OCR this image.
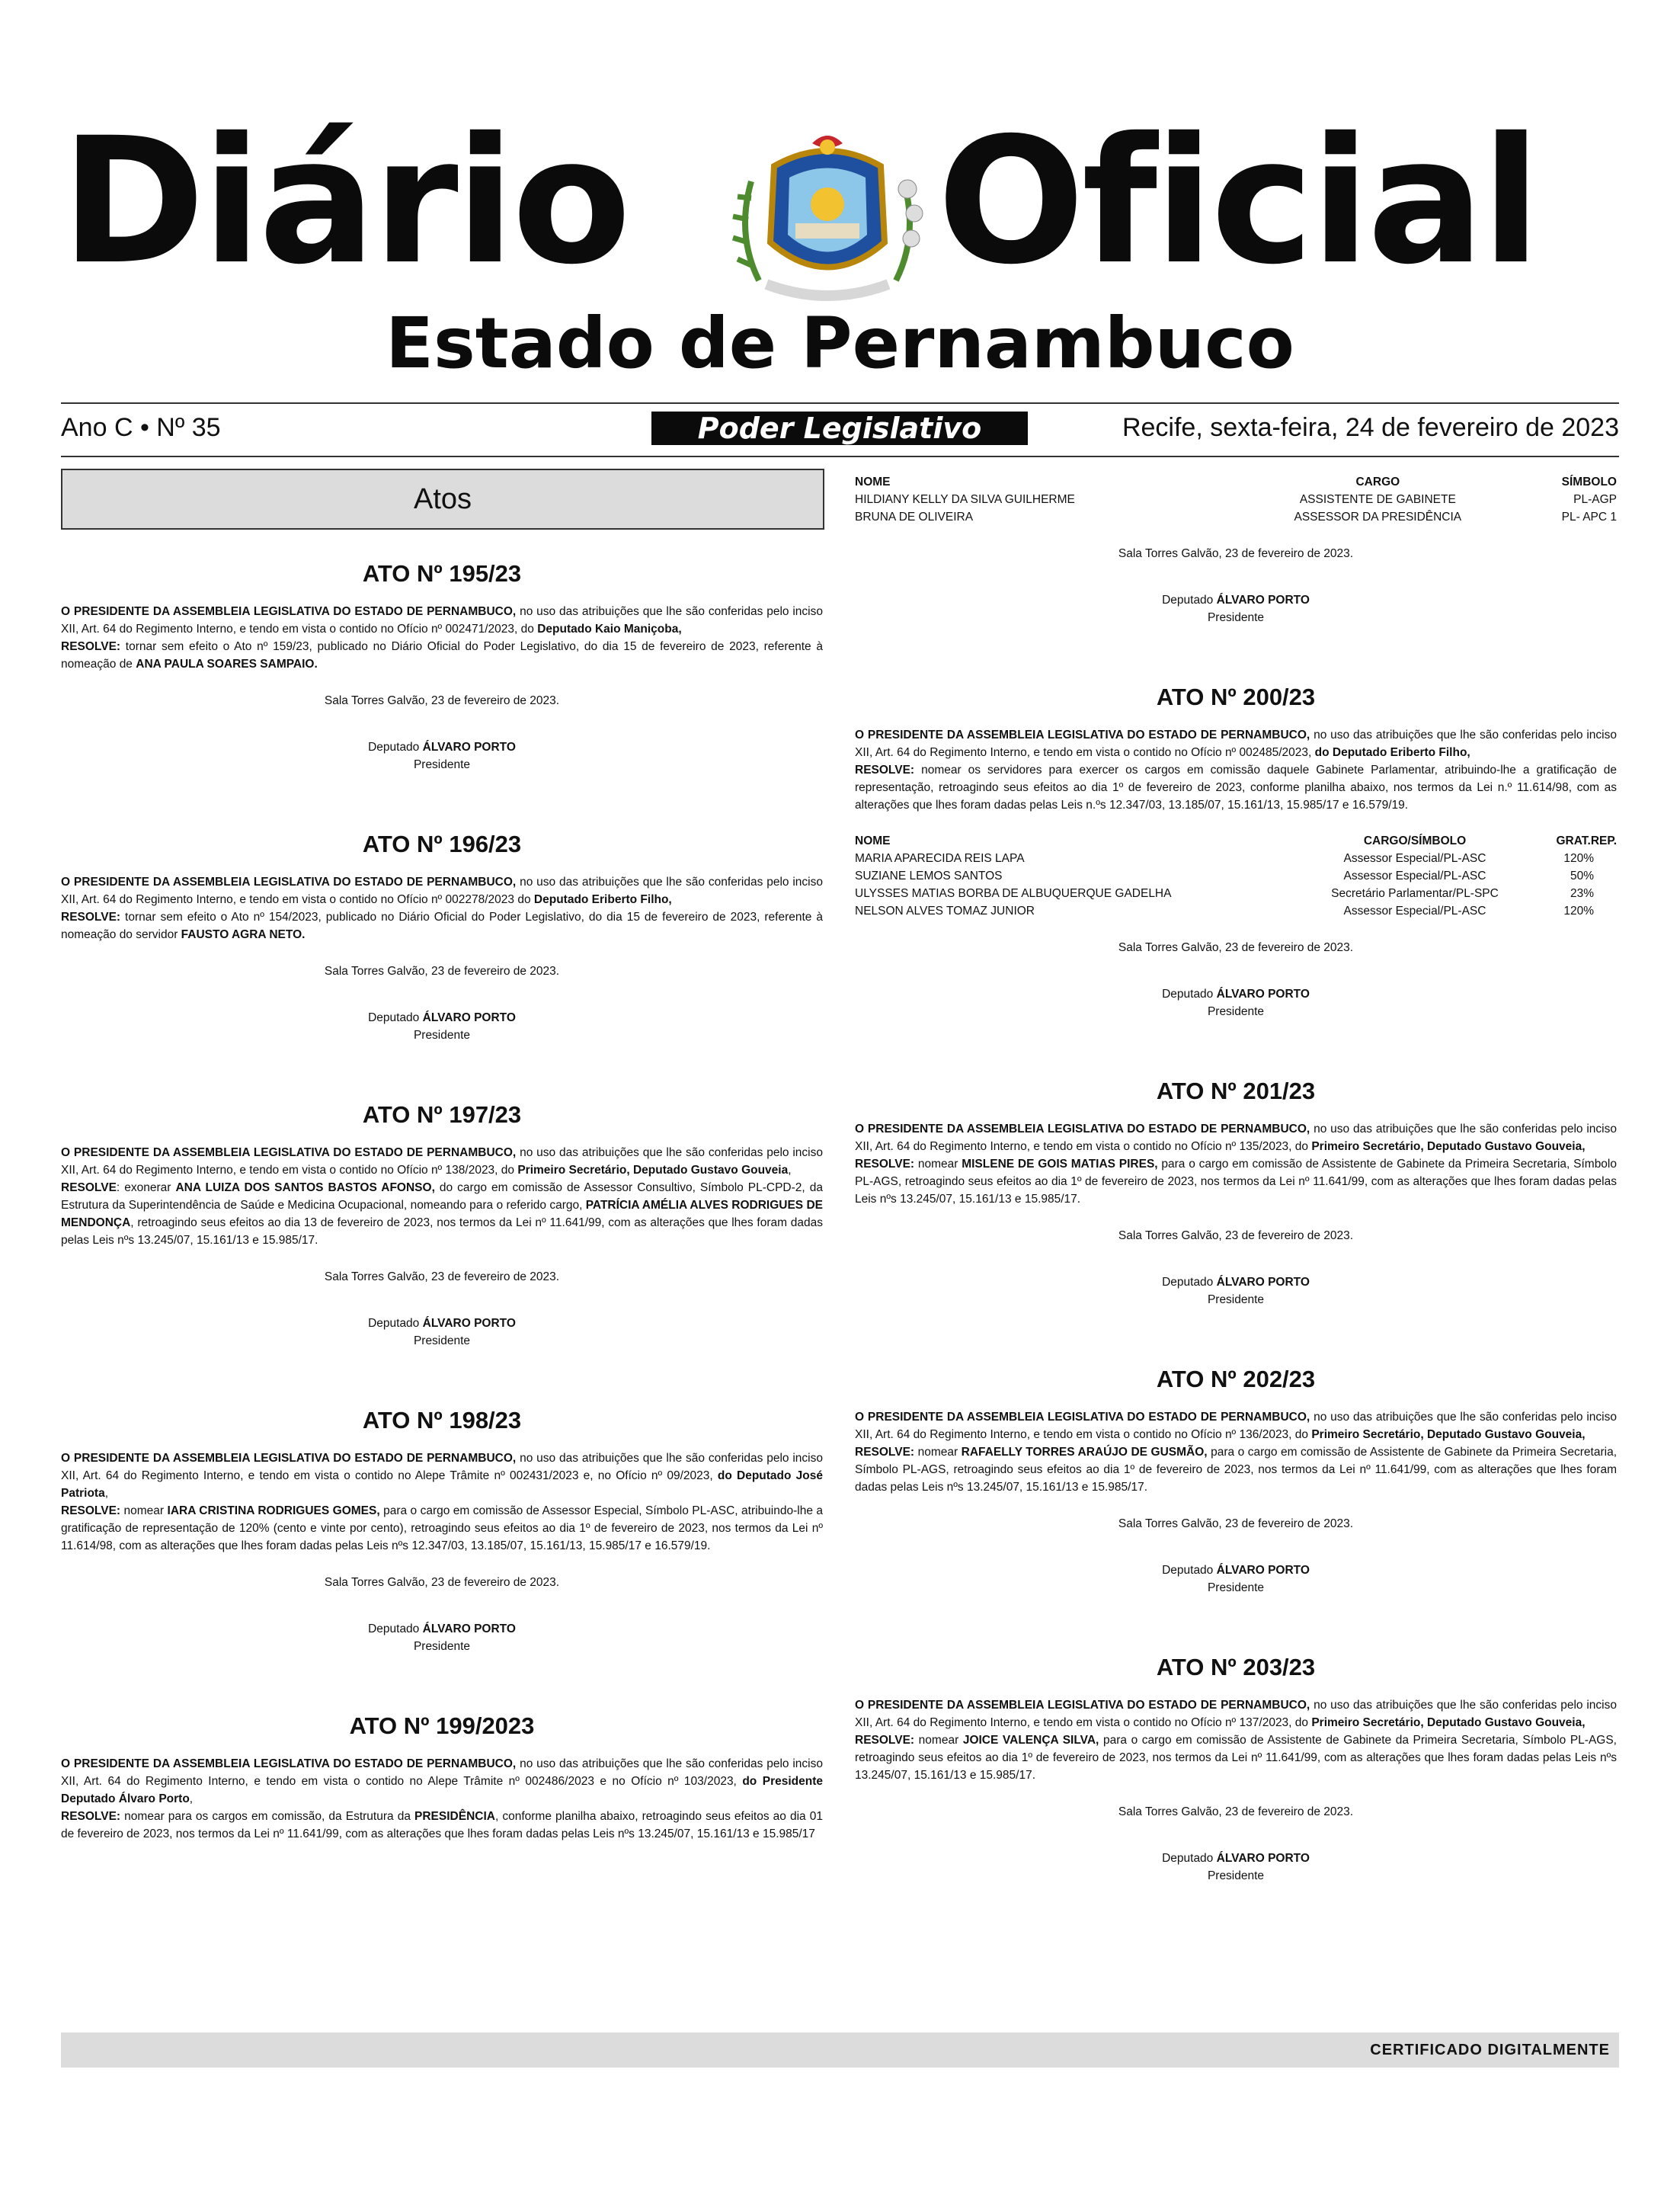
Diário Oficial
Estado de Pernambuco
Ano C • Nº 35	Poder Legislativo	Recife, sexta-feira, 24 de fevereiro de 2023
Atos
ATO Nº 195/23

O PRESIDENTE DA ASSEMBLEIA LEGISLATIVA DO ESTADO DE PERNAMBUCO, no uso das atribuições que lhe são conferidas pelo inciso XII, Art. 64 do Regimento Interno, e tendo em vista o contido no Ofício nº 002471/2023, do Deputado Kaio Maniçoba,

RESOLVE: tornar sem efeito o Ato nº 159/23, publicado no Diário Oficial do Poder Legislativo, do dia 15 de fevereiro de 2023, referente à nomeação de ANA PAULA SOARES SAMPAIO.

Sala Torres Galvão, 23 de fevereiro de 2023.

Deputado ÁLVARO PORTO
Presidente
ATO Nº 196/23

O PRESIDENTE DA ASSEMBLEIA LEGISLATIVA DO ESTADO DE PERNAMBUCO, no uso das atribuições que lhe são conferidas pelo inciso XII, Art. 64 do Regimento Interno, e tendo em vista o contido no Ofício nº 002278/2023 do Deputado Eriberto Filho,

RESOLVE: tornar sem efeito o Ato nº 154/2023, publicado no Diário Oficial do Poder Legislativo, do dia 15 de fevereiro de 2023, referente à nomeação do servidor FAUSTO AGRA NETO.

Sala Torres Galvão, 23 de fevereiro de 2023.

Deputado ÁLVARO PORTO
Presidente
ATO Nº 197/23

O PRESIDENTE DA ASSEMBLEIA LEGISLATIVA DO ESTADO DE PERNAMBUCO, no uso das atribuições que lhe são conferidas pelo inciso XII, Art. 64 do Regimento Interno, e tendo em vista o contido no Ofício nº 138/2023, do Primeiro Secretário, Deputado Gustavo Gouveia,

RESOLVE: exonerar ANA LUIZA DOS SANTOS BASTOS AFONSO, do cargo em comissão de Assessor Consultivo, Símbolo PL-CPD-2, da Estrutura da Superintendência de Saúde e Medicina Ocupacional, nomeando para o referido cargo, PATRÍCIA AMÉLIA ALVES RODRIGUES DE MENDONÇA, retroagindo seus efeitos ao dia 13 de fevereiro de 2023, nos termos da Lei nº 11.641/99, com as alterações que lhes foram dadas pelas Leis nºs 13.245/07, 15.161/13 e 15.985/17.

Sala Torres Galvão, 23 de fevereiro de 2023.

Deputado ÁLVARO PORTO
Presidente
ATO Nº 198/23

O PRESIDENTE DA ASSEMBLEIA LEGISLATIVA DO ESTADO DE PERNAMBUCO, no uso das atribuições que lhe são conferidas pelo inciso XII, Art. 64 do Regimento Interno, e tendo em vista o contido no Alepe Trâmite nº 002431/2023 e, no Ofício nº 09/2023, do Deputado José Patriota,

RESOLVE: nomear IARA CRISTINA RODRIGUES GOMES, para o cargo em comissão de Assessor Especial, Símbolo PL-ASC, atribuindo-lhe a gratificação de representação de 120% (cento e vinte por cento), retroagindo seus efeitos ao dia 1º de fevereiro de 2023, nos termos da Lei nº 11.614/98, com as alterações que lhes foram dadas pelas Leis nºs 12.347/03, 13.185/07, 15.161/13, 15.985/17 e 16.579/19.

Sala Torres Galvão, 23 de fevereiro de 2023.

Deputado ÁLVARO PORTO
Presidente
ATO Nº 199/2023

O PRESIDENTE DA ASSEMBLEIA LEGISLATIVA DO ESTADO DE PERNAMBUCO, no uso das atribuições que lhe são conferidas pelo inciso XII, Art. 64 do Regimento Interno, e tendo em vista o contido no Alepe Trâmite nº 002486/2023 e no Ofício nº 103/2023, do Presidente Deputado Álvaro Porto,

RESOLVE: nomear para os cargos em comissão, da Estrutura da PRESIDÊNCIA, conforme planilha abaixo, retroagindo seus efeitos ao dia 01 de fevereiro de 2023, nos termos da Lei nº 11.641/99, com as alterações que lhes foram dadas pelas Leis nºs 13.245/07, 15.161/13 e 15.985/17

NOME	CARGO	SÍMBOLO
HILDIANY KELLY DA SILVA GUILHERME	ASSISTENTE DE GABINETE	PL-AGP
BRUNA DE OLIVEIRA	ASSESSOR DA PRESIDÊNCIA	PL- APC 1

Sala Torres Galvão, 23 de fevereiro de 2023.

Deputado ÁLVARO PORTO
Presidente
ATO Nº 200/23

O PRESIDENTE DA ASSEMBLEIA LEGISLATIVA DO ESTADO DE PERNAMBUCO, no uso das atribuições que lhe são conferidas pelo inciso XII, Art. 64 do Regimento Interno, e tendo em vista o contido no Ofício nº 002485/2023, do Deputado Eriberto Filho,

RESOLVE: nomear os servidores para exercer os cargos em comissão daquele Gabinete Parlamentar, atribuindo-lhe a gratificação de representação, retroagindo seus efeitos ao dia 1º de fevereiro de 2023, conforme planilha abaixo, nos termos da Lei n.º 11.614/98, com as alterações que lhes foram dadas pelas Leis n.ºs 12.347/03, 13.185/07, 15.161/13, 15.985/17 e 16.579/19.

NOME	CARGO/SÍMBOLO	GRAT.REP.
MARIA APARECIDA REIS LAPA	Assessor Especial/PL-ASC	120%
SUZIANE LEMOS SANTOS	Assessor Especial/PL-ASC	50%
ULYSSES MATIAS BORBA DE ALBUQUERQUE GADELHA	Secretário Parlamentar/PL-SPC	23%
NELSON ALVES TOMAZ JUNIOR	Assessor Especial/PL-ASC	120%

Sala Torres Galvão, 23 de fevereiro de 2023.

Deputado ÁLVARO PORTO
Presidente
ATO Nº 201/23

O PRESIDENTE DA ASSEMBLEIA LEGISLATIVA DO ESTADO DE PERNAMBUCO, no uso das atribuições que lhe são conferidas pelo inciso XII, Art. 64 do Regimento Interno, e tendo em vista o contido no Ofício nº 135/2023, do Primeiro Secretário, Deputado Gustavo Gouveia,

RESOLVE: nomear MISLENE DE GOIS MATIAS PIRES, para o cargo em comissão de Assistente de Gabinete da Primeira Secretaria, Símbolo PL-AGS, retroagindo seus efeitos ao dia 1º de fevereiro de 2023, nos termos da Lei nº 11.641/99, com as alterações que lhes foram dadas pelas Leis nºs 13.245/07, 15.161/13 e 15.985/17.

Sala Torres Galvão, 23 de fevereiro de 2023.

Deputado ÁLVARO PORTO
Presidente
ATO Nº 202/23

O PRESIDENTE DA ASSEMBLEIA LEGISLATIVA DO ESTADO DE PERNAMBUCO, no uso das atribuições que lhe são conferidas pelo inciso XII, Art. 64 do Regimento Interno, e tendo em vista o contido no Ofício nº 136/2023, do Primeiro Secretário, Deputado Gustavo Gouveia,

RESOLVE: nomear RAFAELLY TORRES ARAÚJO DE GUSMÃO, para o cargo em comissão de Assistente de Gabinete da Primeira Secretaria, Símbolo PL-AGS, retroagindo seus efeitos ao dia 1º de fevereiro de 2023, nos termos da Lei nº 11.641/99, com as alterações que lhes foram dadas pelas Leis nºs 13.245/07, 15.161/13 e 15.985/17.

Sala Torres Galvão, 23 de fevereiro de 2023.

Deputado ÁLVARO PORTO
Presidente
ATO Nº 203/23

O PRESIDENTE DA ASSEMBLEIA LEGISLATIVA DO ESTADO DE PERNAMBUCO, no uso das atribuições que lhe são conferidas pelo inciso XII, Art. 64 do Regimento Interno, e tendo em vista o contido no Ofício nº 137/2023, do Primeiro Secretário, Deputado Gustavo Gouveia,

RESOLVE: nomear JOICE VALENÇA SILVA, para o cargo em comissão de Assistente de Gabinete da Primeira Secretaria, Símbolo PL-AGS, retroagindo seus efeitos ao dia 1º de fevereiro de 2023, nos termos da Lei nº 11.641/99, com as alterações que lhes foram dadas pelas Leis nºs 13.245/07, 15.161/13 e 15.985/17.

Sala Torres Galvão, 23 de fevereiro de 2023.

Deputado ÁLVARO PORTO
Presidente
CERTIFICADO DIGITALMENTE
